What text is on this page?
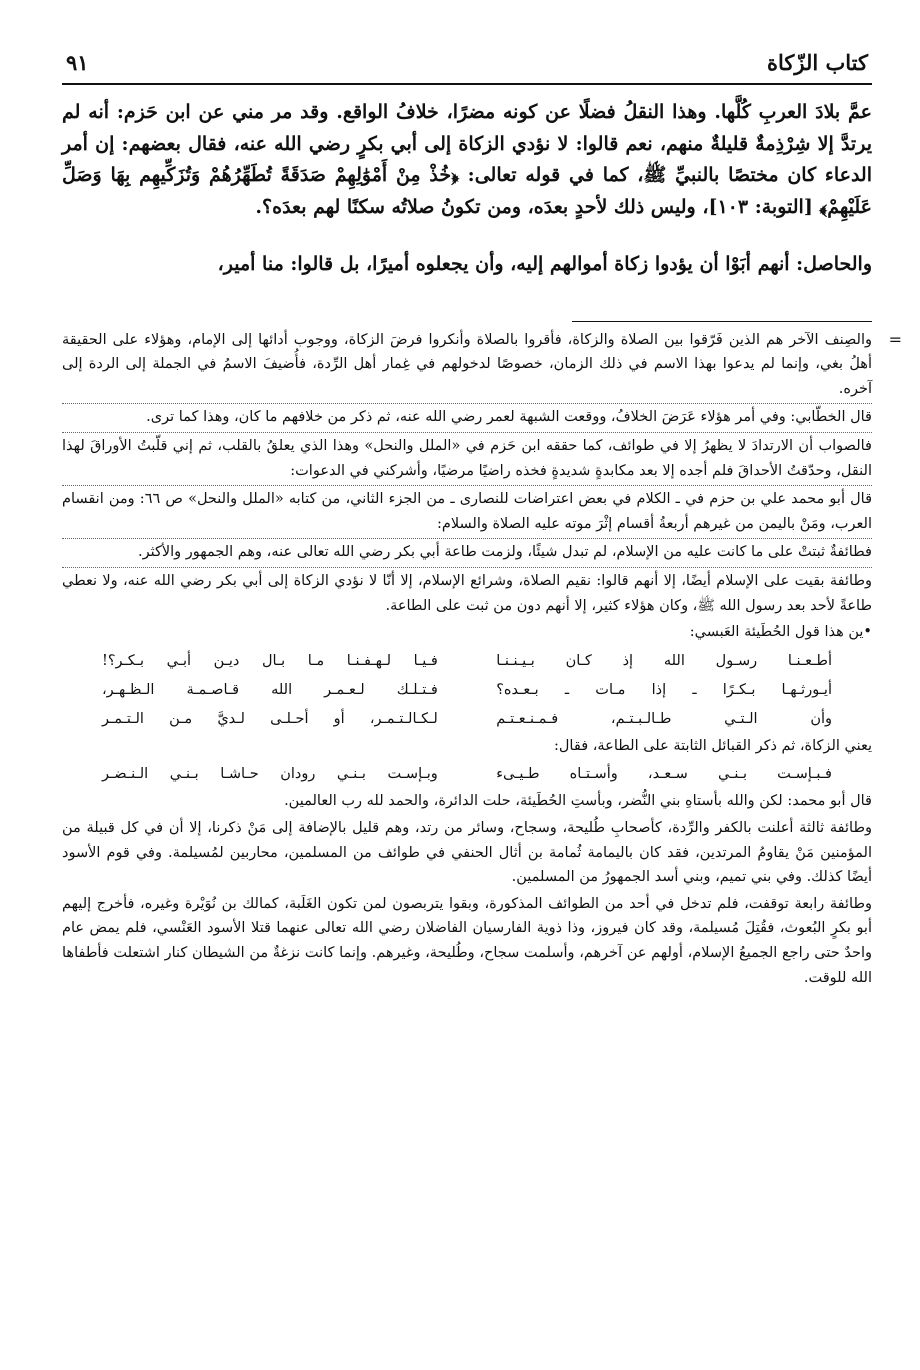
كتاب الزّكاة
٩١

عمَّ بلادَ العربِ كُلَّها. وهذا النقلُ فضلًا عن كونه مضرًا، خلافُ الواقع. وقد مر مني عن ابن حَزم: أنه لم يرتدَّ إلا شِرْذِمةٌ قليلةٌ منهم، نعم قالوا: لا نؤدي الزكاة إلى أبي بكرٍ رضي الله عنه، فقال بعضهم: إن أمر الدعاء كان مختصًا بالنبيِّ ﷺ، كما في قوله تعالى: ﴿خُذْ مِنْ أَمْوَٰلِهِمْ صَدَقَةً تُطَهِّرُهُمْ وَتُزَكِّيهِم بِهَا وَصَلِّ عَلَيْهِمْ﴾ [التوبة: ١٠٣]، وليس ذلك لأحدٍ بعدَه، ومن تكونُ صلاتُه سكنًا لهم بعدَه؟.

والحاصل: أنهم أبَوْا أن يؤدوا زكاة أموالهم إليه، وأن يجعلوه أميرًا، بل قالوا: منا أمير،

=

والصِنف الآخر هم الذين فَرّقوا بين الصلاة والزكاة، فأقروا بالصلاة وأنكروا فرضَ الزكاة، ووجوب أدائها إلى الإمام، وهؤلاء على الحقيقة أهلُ بغي، وإنما لم يدعوا بهذا الاسم في ذلك الزمان، خصوصًا لدخولهم في غِمار أهل الرِّدة، فأُضيفَ الاسمُ في الجملة إلى الردة إلى آخره.

قال الخطّابي: وفي أمر هؤلاء عَرَضَ الخلافُ، ووقعت الشبهة لعمر رضي الله عنه، ثم ذكر من خلافهم ما كان، وهذا كما ترى.

فالصواب أن الارتدادَ لا يظهرُ إلا في طوائف، كما حققه ابن حَزم في «الملل والنحل» وهذا الذي يعلقُ بالقلب، ثم إني قلّبتُ الأوراقَ لهذا النقل، وحدّقتُ الأحداقَ فلم أجده إلا بعد مكابدةٍ شديدةٍ فخذه راضيًا مرضيًا، وأشركني في الدعوات:

قال أبو محمد علي بن حزم في ـ الكلام في بعض اعتراضات للنصارى ـ من الجزء الثاني، من كتابه «الملل والنحل» ص ٦٦: ومن انقسام العرب، ومَنْ باليمن من غيرهم أربعةُ أقسام إثْرَ موته عليه الصلاة والسلام:

فطائفةٌ ثبتتْ على ما كانت عليه من الإسلام، لم تبدل شيئًا، ولزمت طاعة أبي بكر رضي الله تعالى عنه، وهم الجمهور والأكثر.

وطائفة بقيت على الإسلام أيضًا، إلا أنهم قالوا: نقيم الصلاة، وشرائع الإسلام، إلا أنّا لا نؤدي الزكاة إلى أبي بكر رضي الله عنه، ولا نعطي طاعةً لأحد بعد رسول الله ﷺ، وكان هؤلاء كثير، إلا أنهم دون من ثبت على الطاعة.

•ين هذا قول الحُطَيئة العَبسي:

أطـعـنـا رسـول الله إذ كـان بـيـنـنـا
فـيـا لـهـفـنـا مـا بـال ديـن أبـي بـكـر؟!
أيـورثـهـا بـكـرًا ـ إذا مـات ـ بـعـده؟
فـتـلـك لـعـمـر الله قـاصـمـة الـظـهـر،
وأن الـتـي طـالـبـتـم، فـمـنـعـتـم
لـكـالـتـمـر، أو أحـلـى لـديَّ مـن الـتـمـر

يعني الزكاة، ثم ذكر القبائل الثابتة على الطاعة، فقال:

فـبـإسـت بـنـي سـعـد، وأسـتـاه طـيـىء
وبـإسـت بـنـي رودان حـاشـا بـنـي الـنـضـر

قال أبو محمد: لكن والله بأستاهِ بني النُّضر، وبأستِ الحُطَيئة، حلت الدائرة، والحمد لله رب العالمين.

وطائفة ثالثة أعلنت بالكفر والرِّدة، كأصحابِ طُليحة، وسجاح، وسائر من رتد، وهم قليل بالإضافة إلى مَنْ ذكرنا، إلا أن في كل قبيلة من المؤمنين مَنْ يقاومُ المرتدين، فقد كان باليمامة ثُمامة بن أثال الحنفي في طوائف من المسلمين، محاربين لمُسيلمة. وفي قوم الأسود أيضًا كذلك. وفي بني تميم، وبني أسد الجمهورُ من المسلمين.

وطائفة رابعة توقفت، فلم تدخل في أحد من الطوائف المذكورة، وبقوا يتربصون لمن تكون الغَلَبة، كمالك بن نُوَيْرة وغيره، فأخرج إليهم أبو بكرٍ البُعوث، فقُتِلَ مُسيلمة، وقد كان فيروز، وذا ذوية الفارسيان الفاضلان رضي الله تعالى عنهما قتلا الأسود العَنْسي، فلم يمض عام واحدٌ حتى راجع الجميعُ الإسلام، أولهم عن آخرهم، وأسلمت سجاح، وطُليحة، وغيرهم. وإنما كانت نزغةٌ من الشيطان كنار اشتعلت فأطفاها الله للوقت.
